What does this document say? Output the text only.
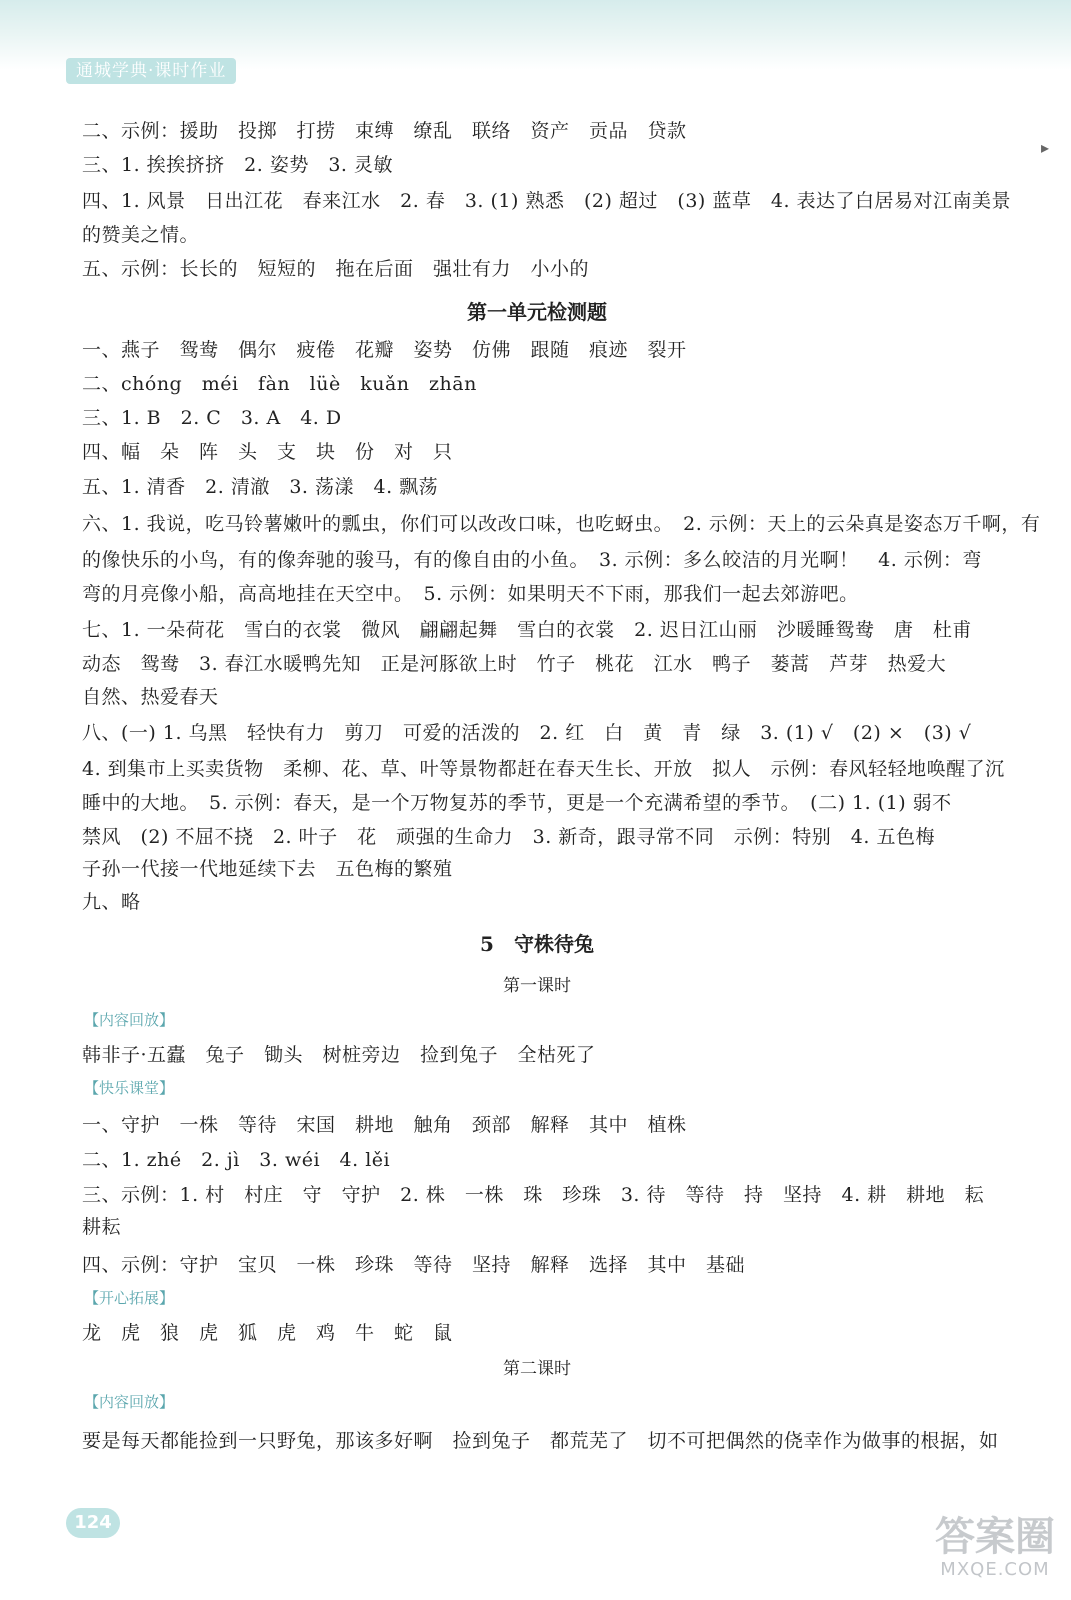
通城学典·课时作业
▸
二、示例：援助　投掷　打捞　束缚　缭乱　联络　资产　贡品　贷款
三、1. 挨挨挤挤　2. 姿势　3. 灵敏
四、1. 风景　日出江花　春来江水　2. 春　3. (1) 熟悉　(2) 超过　(3) 蓝草　4. 表达了白居易对江南美景
的赞美之情。
五、示例：长长的　短短的　拖在后面　强壮有力　小小的
第一单元检测题
一、燕子　鸳鸯　偶尔　疲倦　花瓣　姿势　仿佛　跟随　痕迹　裂开
二、chóng　méi　fàn　lüè　kuǎn　zhān
三、1. B　2. C　3. A　4. D
四、幅　朵　阵　头　支　块　份　对　只
五、1. 清香　2. 清澈　3. 荡漾　4. 飘荡
六、1. 我说，吃马铃薯嫩叶的瓢虫，你们可以改改口味，也吃蚜虫。　2. 示例：天上的云朵真是姿态万千啊，有
的像快乐的小鸟，有的像奔驰的骏马，有的像自由的小鱼。　3. 示例：多么皎洁的月光啊！　4. 示例：弯
弯的月亮像小船，高高地挂在天空中。　5. 示例：如果明天不下雨，那我们一起去郊游吧。
七、1. 一朵荷花　雪白的衣裳　微风　翩翩起舞　雪白的衣裳　2. 迟日江山丽　沙暖睡鸳鸯　唐　杜甫
动态　鸳鸯　3. 春江水暖鸭先知　正是河豚欲上时　竹子　桃花　江水　鸭子　蒌蒿　芦芽　热爱大
自然、热爱春天
八、(一) 1. 乌黑　轻快有力　剪刀　可爱的活泼的　2. 红　白　黄　青　绿　3. (1) √　(2) ×　(3) √
4. 到集市上买卖货物　柔柳、花、草、叶等景物都赶在春天生长、开放　拟人　示例：春风轻轻地唤醒了沉
睡中的大地。　5. 示例：春天，是一个万物复苏的季节，更是一个充满希望的季节。　(二) 1. (1) 弱不
禁风　(2) 不屈不挠　2. 叶子　花　顽强的生命力　3. 新奇，跟寻常不同　示例：特别　4. 五色梅
子孙一代接一代地延续下去　五色梅的繁殖
九、略
5　守株待兔
第一课时
【内容回放】
韩非子·五蠹　兔子　锄头　树桩旁边　捡到兔子　全枯死了
【快乐课堂】
一、守护　一株　等待　宋国　耕地　触角　颈部　解释　其中　植株
二、1. zhé　2. jì　3. wéi　4. lěi
三、示例：1. 村　村庄　守　守护　2. 株　一株　珠　珍珠　3. 待　等待　持　坚持　4. 耕　耕地　耘
耕耘
四、示例：守护　宝贝　一株　珍珠　等待　坚持　解释　选择　其中　基础
【开心拓展】
龙　虎　狼　虎　狐　虎　鸡　牛　蛇　鼠
第二课时
【内容回放】
要是每天都能捡到一只野兔，那该多好啊　捡到兔子　都荒芜了　切不可把偶然的侥幸作为做事的根据，如
124	答案圈
MXQE.COM
